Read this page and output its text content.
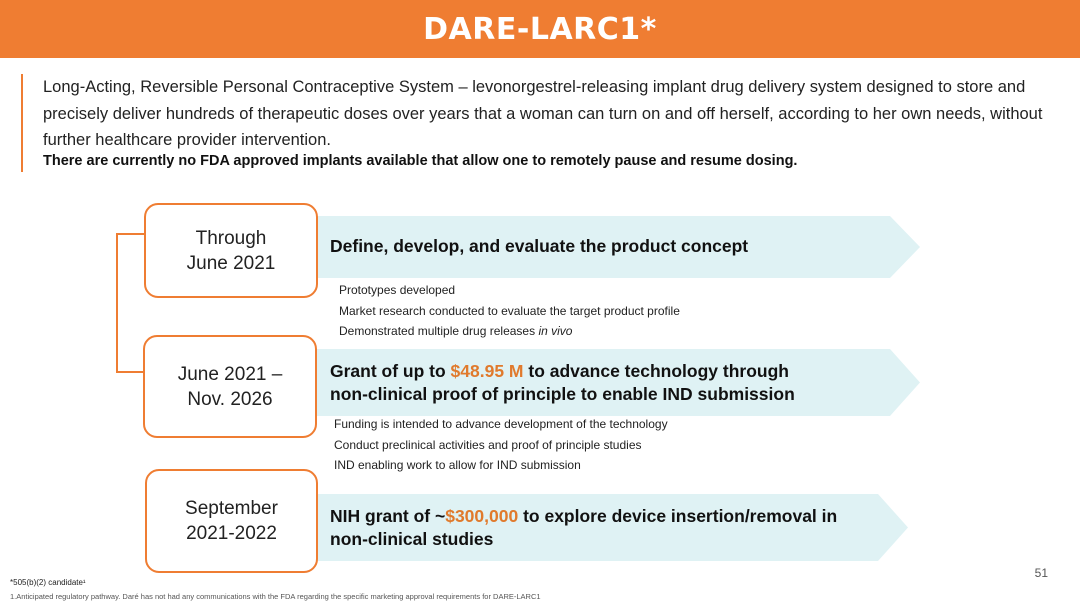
DARE-LARC1*
Long-Acting, Reversible Personal Contraceptive System – levonorgestrel-releasing implant drug delivery system designed to store and precisely deliver hundreds of therapeutic doses over years that a woman can turn on and off herself, according to her own needs, without further healthcare provider intervention.
There are currently no FDA approved implants available that allow one to remotely pause and resume dosing.
Through
June 2021
Define, develop, and evaluate the product concept
Prototypes developed
Market research conducted to evaluate the target product profile
Demonstrated multiple drug releases in vivo
June 2021 –
Nov. 2026
Grant of up to $48.95 M to advance technology through
non-clinical proof of principle to enable IND submission
Funding is intended to advance development of the technology
Conduct preclinical activities and proof of principle studies
IND enabling work to allow for IND submission
September
2021-2022
NIH grant of ~$300,000 to explore device insertion/removal in
non-clinical studies
51
*505(b)(2) candidate¹
1.Anticipated regulatory pathway. Daré has not had any communications with the FDA regarding the specific marketing approval requirements for DARE-LARC1
